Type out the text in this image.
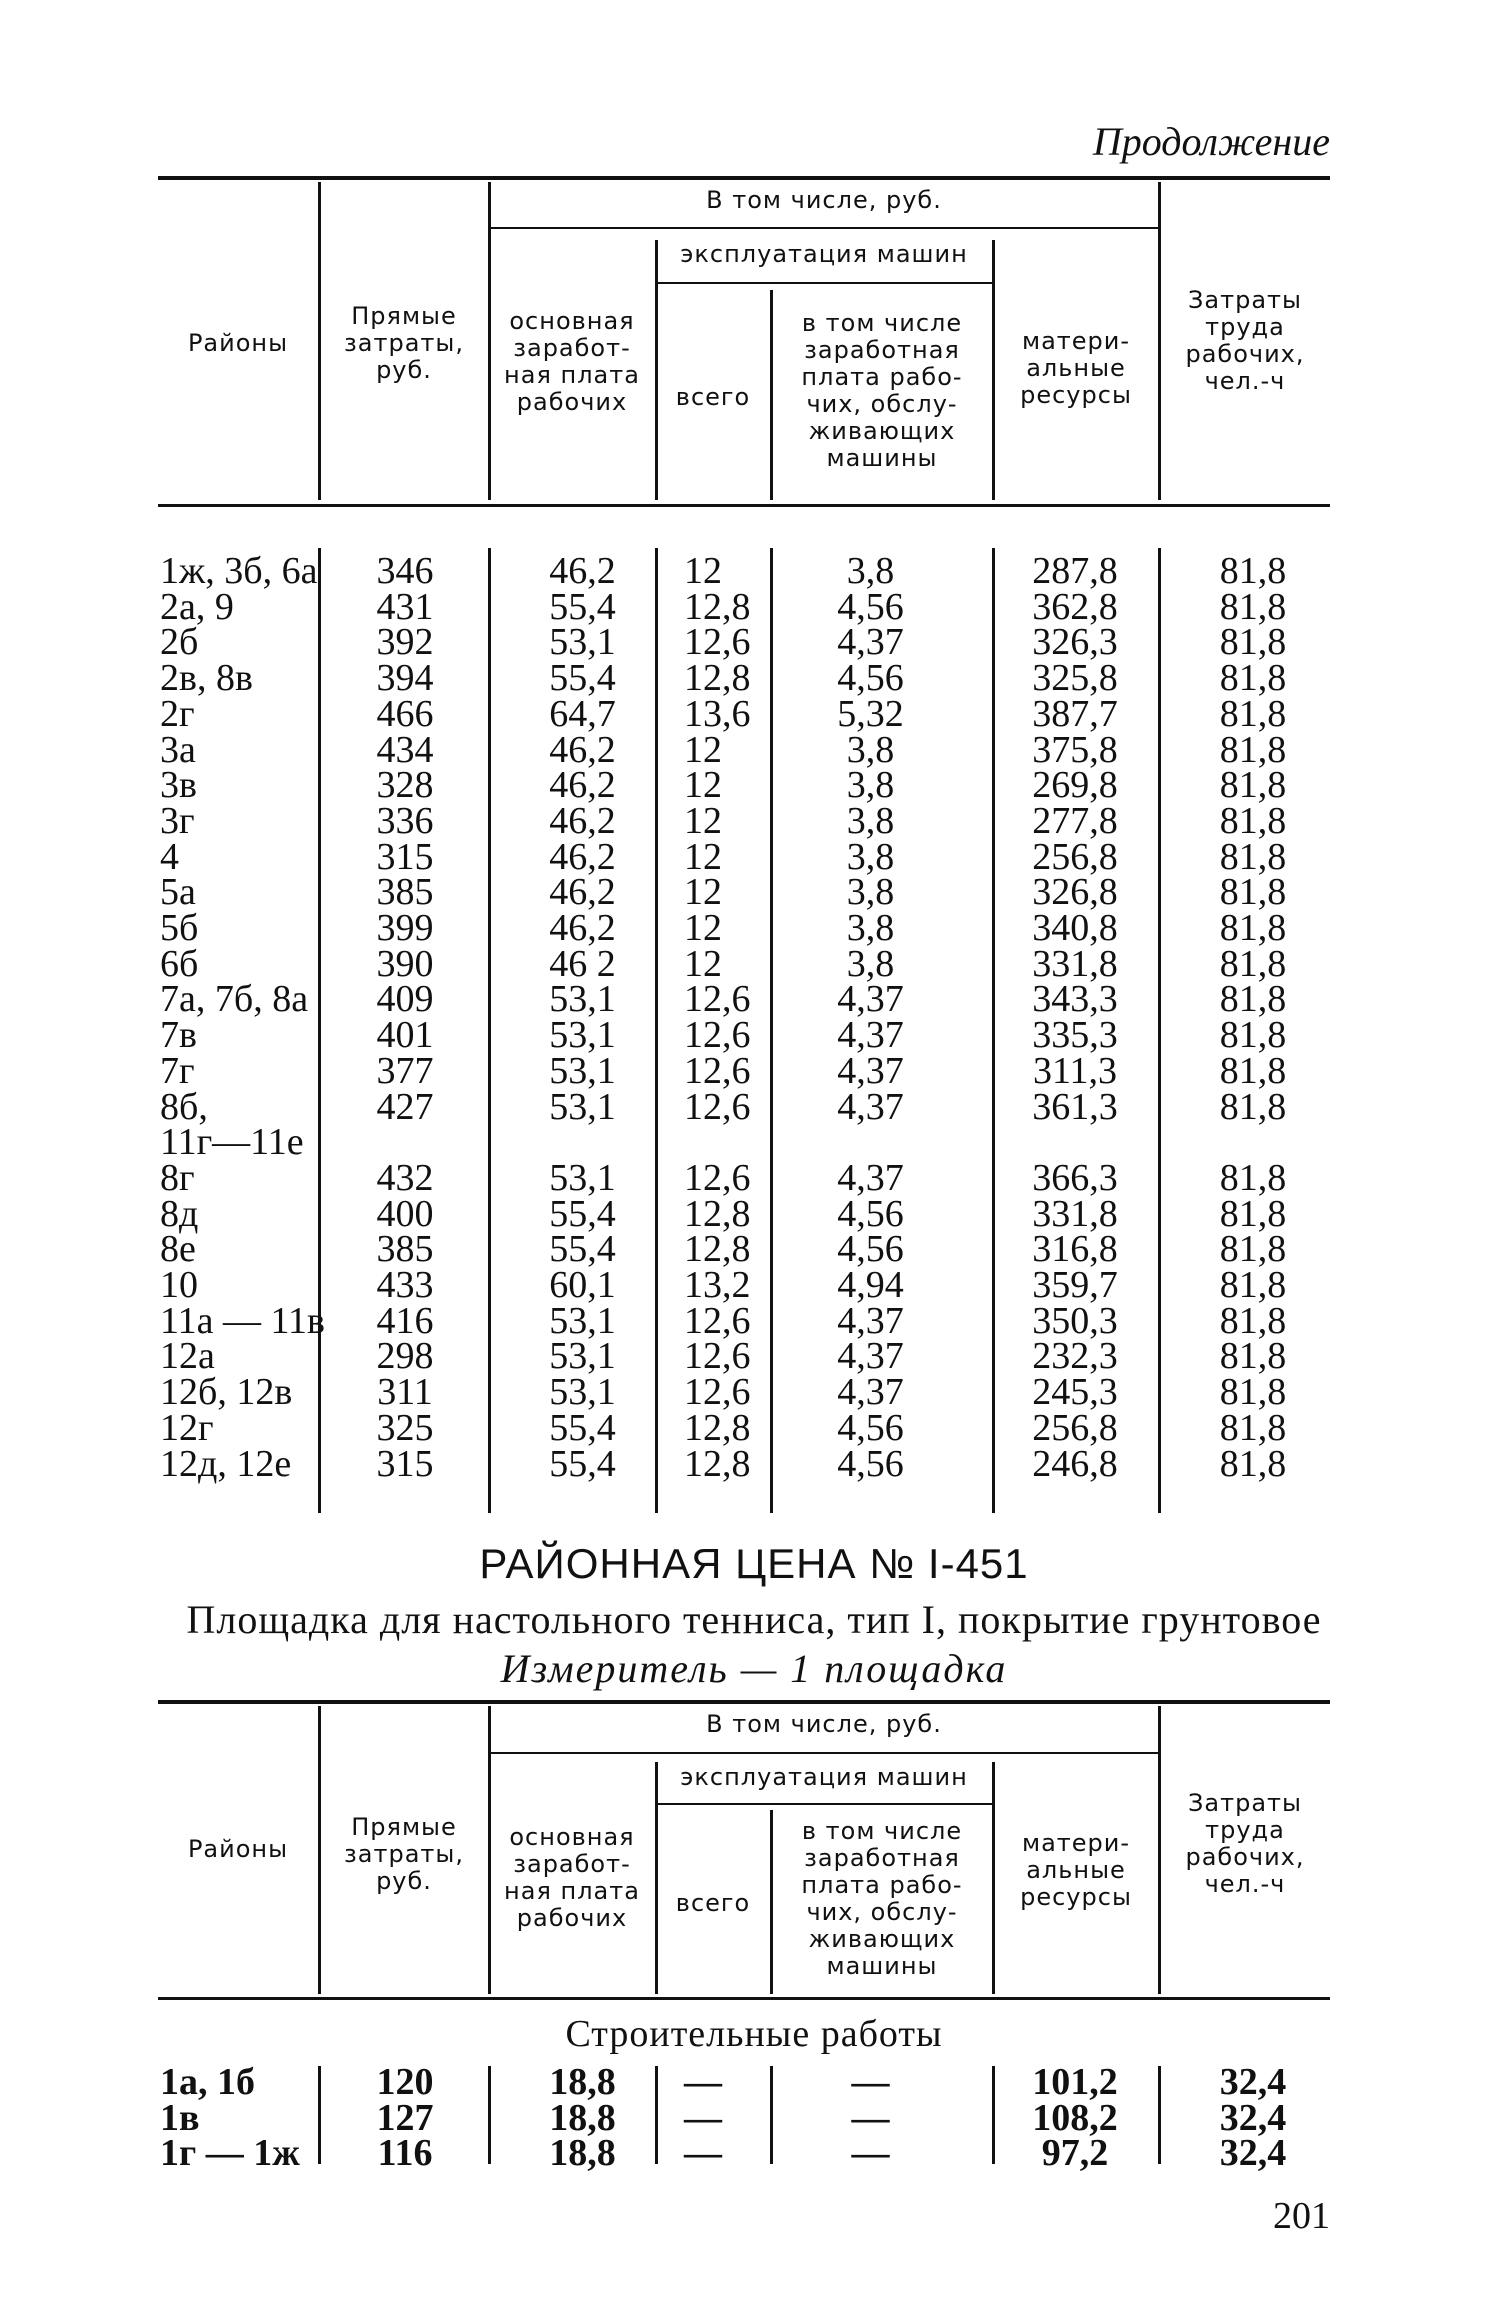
Продолжение
Районы
Прямые
затраты,
руб.
В том числе, руб.
основная
заработ-
ная плата
рабочих
эксплуатация машин
всего
в том числе
заработная
плата рабо-
чих, обслу-
живающих
машины
матери-
альные
ресурсы
Затраты
труда
рабочих,
чел.-ч
1ж, 3б, 6а	346	46,2	12	3,8	287,8	81,8
2а, 9	431	55,4	12,8	4,56	362,8	81,8
2б	392	53,1	12,6	4,37	326,3	81,8
2в, 8в	394	55,4	12,8	4,56	325,8	81,8
2г	466	64,7	13,6	5,32	387,7	81,8
3а	434	46,2	12	3,8	375,8	81,8
3в	328	46,2	12	3,8	269,8	81,8
3г	336	46,2	12	3,8	277,8	81,8
4	315	46,2	12	3,8	256,8	81,8
5а	385	46,2	12	3,8	326,8	81,8
5б	399	46,2	12	3,8	340,8	81,8
6б	390	46 2	12	3,8	331,8	81,8
7а, 7б, 8а	409	53,1	12,6	4,37	343,3	81,8
7в	401	53,1	12,6	4,37	335,3	81,8
7г	377	53,1	12,6	4,37	311,3	81,8
8б,	427	53,1	12,6	4,37	361,3	81,8
11г—11е
8г	432	53,1	12,6	4,37	366,3	81,8
8д	400	55,4	12,8	4,56	331,8	81,8
8е	385	55,4	12,8	4,56	316,8	81,8
10	433	60,1	13,2	4,94	359,7	81,8
11а — 11в	416	53,1	12,6	4,37	350,3	81,8
12а	298	53,1	12,6	4,37	232,3	81,8
12б, 12в	311	53,1	12,6	4,37	245,3	81,8
12г	325	55,4	12,8	4,56	256,8	81,8
12д, 12е	315	55,4	12,8	4,56	246,8	81,8
РАЙОННАЯ ЦЕНА № I-451
Площадка для настольного тенниса, тип I, покрытие грунтовое
Измеритель — 1 площадка
Районы
Прямые
затраты,
руб.
В том числе, руб.
основная
заработ-
ная плата
рабочих
эксплуатация машин
всего
в том числе
заработная
плата рабо-
чих, обслу-
живающих
машины
матери-
альные
ресурсы
Затраты
труда
рабочих,
чел.-ч
Строительные работы
1а, 1б	120	18,8	—	—	101,2	32,4
1в	127	18,8	—	—	108,2	32,4
1г — 1ж	116	18,8	—	—	97,2	32,4
201
